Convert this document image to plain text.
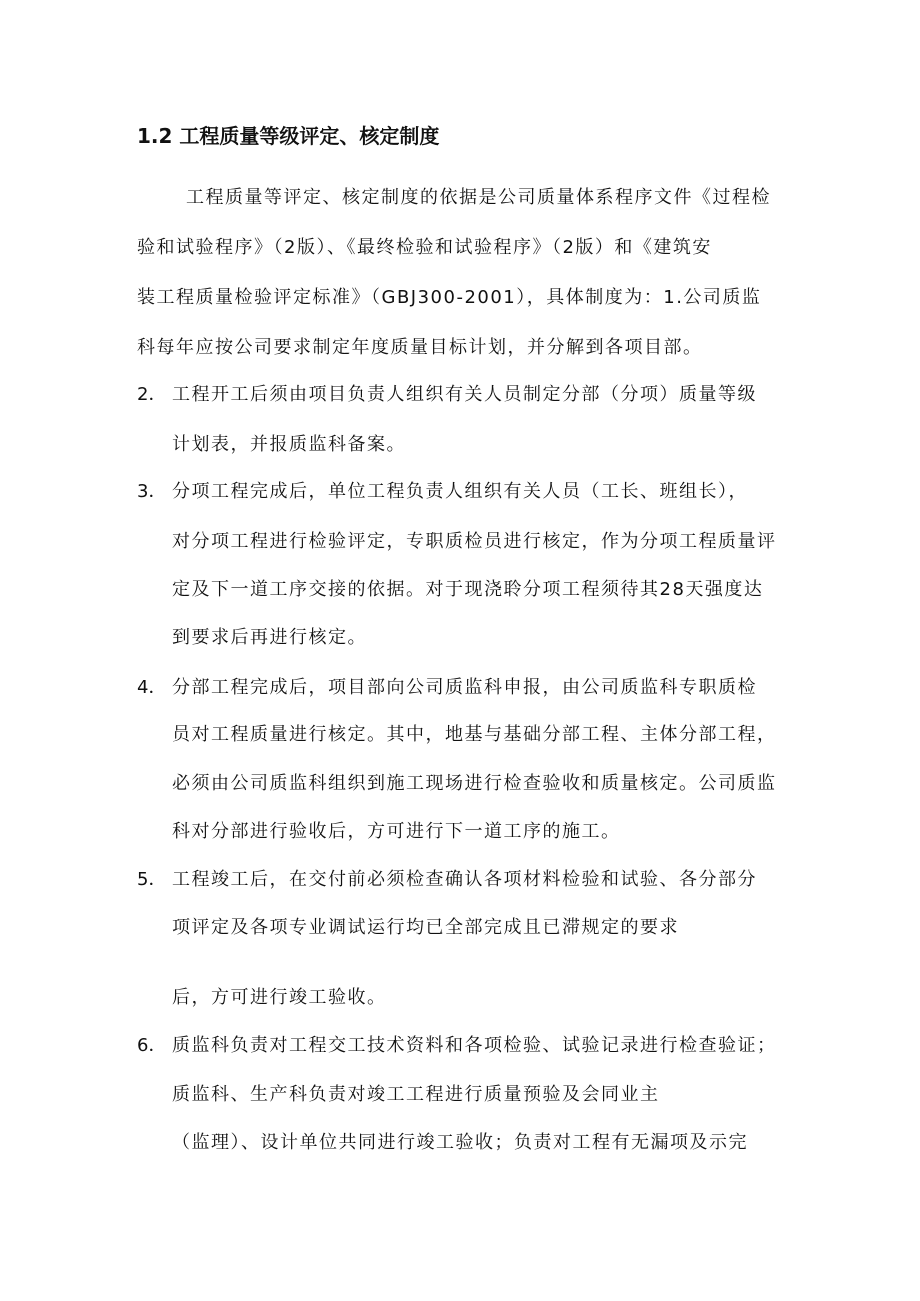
1.2 工程质量等级评定、核定制度
工程质量等评定、核定制度的依据是公司质量体系程序文件《过程检
验和试验程序》（2版）、《最终检验和试验程序》（2版）和《建筑安
装工程质量检验评定标准》（GBJ300-2001），具体制度为：1.公司质监
科每年应按公司要求制定年度质量目标计划，并分解到各项目部。
2． 工程开工后须由项目负责人组织有关人员制定分部（分项）质量等级
计划表，并报质监科备案。
3． 分项工程完成后，单位工程负责人组织有关人员（工长、班组长），
对分项工程进行检验评定，专职质检员进行核定，作为分项工程质量评
定及下一道工序交接的依据。对于现浇聆分项工程须待其28天强度达
到要求后再进行核定。
4． 分部工程完成后，项目部向公司质监科申报，由公司质监科专职质检
员对工程质量进行核定。其中，地基与基础分部工程、主体分部工程，
必须由公司质监科组织到施工现场进行检查验收和质量核定。公司质监
科对分部进行验收后，方可进行下一道工序的施工。
5． 工程竣工后，在交付前必须检查确认各项材料检验和试验、各分部分
项评定及各项专业调试运行均已全部完成且已滞规定的要求
后，方可进行竣工验收。
6． 质监科负责对工程交工技术资料和各项检验、试验记录进行检查验证；
质监科、生产科负责对竣工工程进行质量预验及会同业主
（监理）、设计单位共同进行竣工验收；负责对工程有无漏项及示完
